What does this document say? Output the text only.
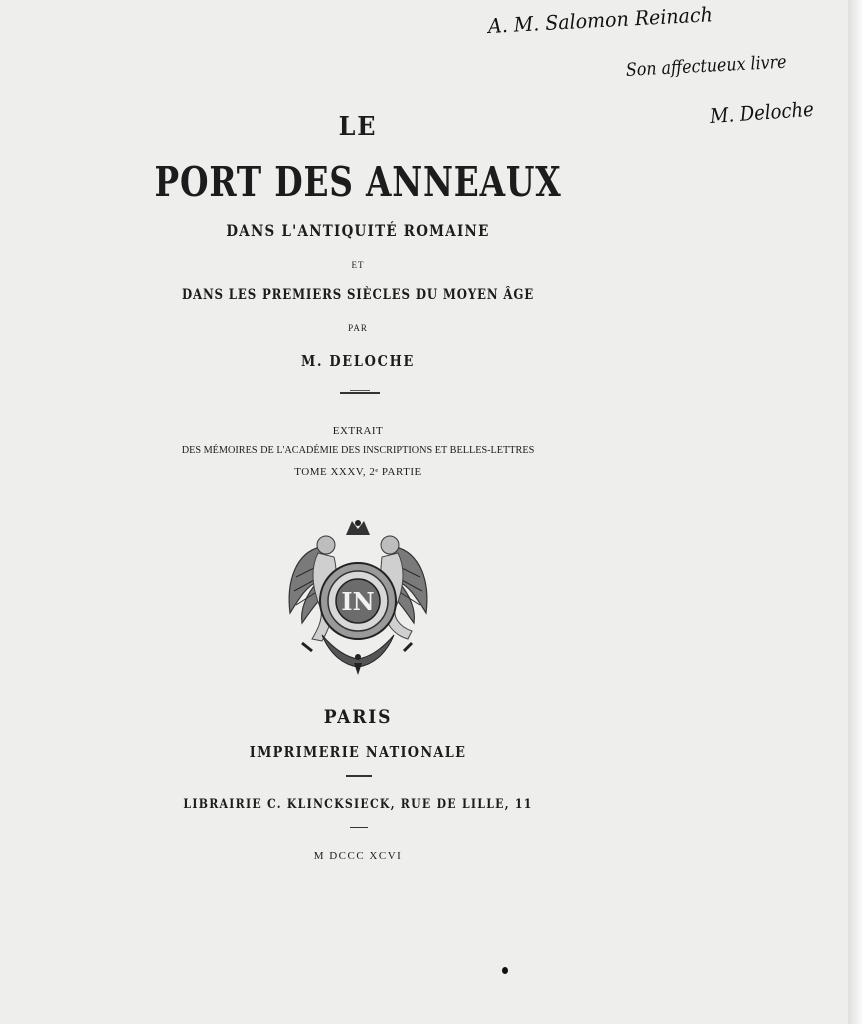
A. M. Salomon Reinach
Son affectueux livre
M. Deloche
LE
PORT DES ANNEAUX
DANS L'ANTIQUITÉ ROMAINE
ET
DANS LES PREMIERS SIÈCLES DU MOYEN ÂGE
PAR
M. DELOCHE
EXTRAIT
DES MÉMOIRES DE L'ACADÉMIE DES INSCRIPTIONS ET BELLES-LETTRES
TOME XXXV, 2ᵉ PARTIE
IN
PARIS
IMPRIMERIE NATIONALE
LIBRAIRIE C. KLINCKSIECK, RUE DE LILLE, 11
M DCCC XCVI
